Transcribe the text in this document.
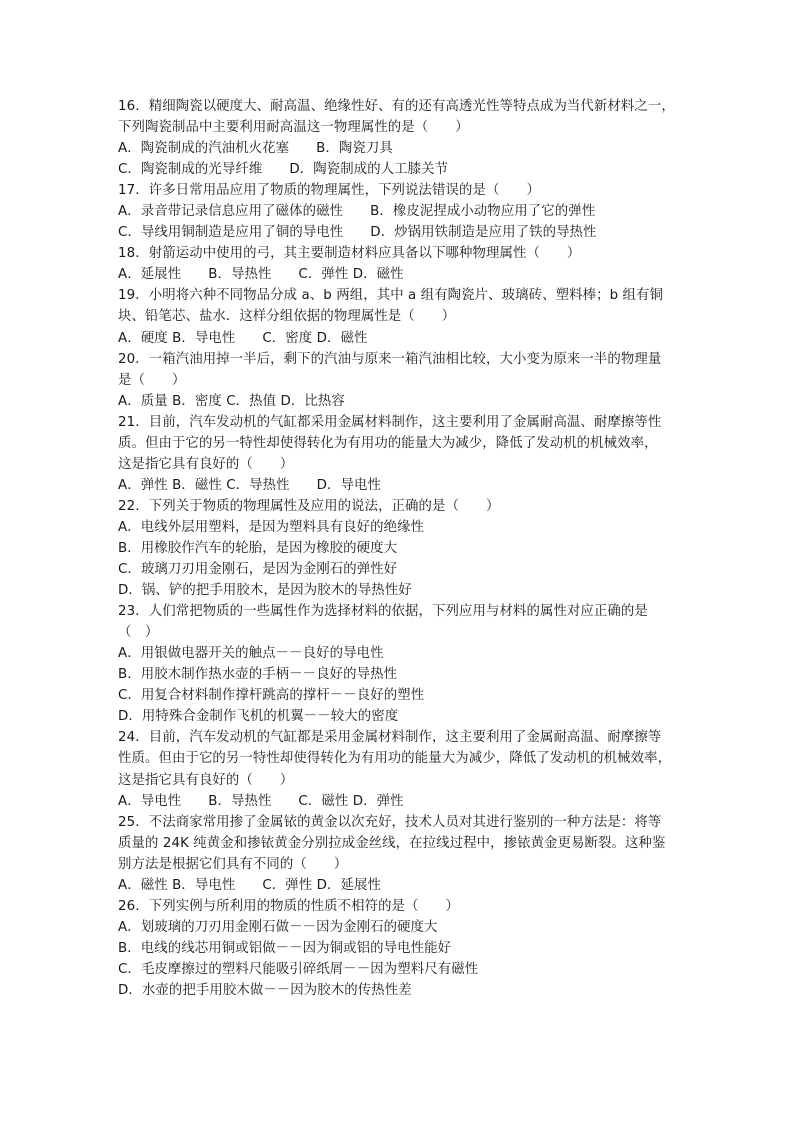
16．精细陶瓷以硬度大、耐高温、绝缘性好、有的还有高透光性等特点成为当代新材料之一，
下列陶瓷制品中主要利用耐高温这一物理属性的是（　　）
A．陶瓷制成的汽油机火花塞　　B．陶瓷刀具
C．陶瓷制成的光导纤维　　D．陶瓷制成的人工膝关节
17．许多日常用品应用了物质的物理属性，下列说法错误的是（　　）
A．录音带记录信息应用了磁体的磁性　　B．橡皮泥捏成小动物应用了它的弹性
C．导线用铜制造是应用了铜的导电性　　D．炒锅用铁制造是应用了铁的导热性
18．射箭运动中使用的弓，其主要制造材料应具备以下哪种物理属性（　　）
A．延展性　　B．导热性　　C．弹性 D．磁性
19．小明将六种不同物品分成 a、b 两组，其中 a 组有陶瓷片、玻璃砖、塑料棒；b 组有铜
块、铅笔芯、盐水．这样分组依据的物理属性是（　　）
A．硬度 B．导电性　　C．密度 D．磁性
20．一箱汽油用掉一半后，剩下的汽油与原来一箱汽油相比较，大小变为原来一半的物理量
是（　　）
A．质量 B．密度 C．热值 D．比热容
21．目前，汽车发动机的气缸都采用金属材料制作，这主要利用了金属耐高温、耐摩擦等性
质。但由于它的另一特性却使得转化为有用功的能量大为减少，降低了发动机的机械效率，
这是指它具有良好的（　　）
A．弹性 B．磁性 C．导热性　　D．导电性
22．下列关于物质的物理属性及应用的说法，正确的是（　　）
A．电线外层用塑料，是因为塑料具有良好的绝缘性
B．用橡胶作汽车的轮胎，是因为橡胶的硬度大
C．玻璃刀刃用金刚石，是因为金刚石的弹性好
D．锅、铲的把手用胶木，是因为胶木的导热性好
23．人们常把物质的一些属性作为选择材料的依据，下列应用与材料的属性对应正确的是
（　）
A．用银做电器开关的触点－－良好的导电性
B．用胶木制作热水壶的手柄－－良好的导热性
C．用复合材料制作撑杆跳高的撑杆－－良好的塑性
D．用特殊合金制作飞机的机翼－－较大的密度
24．目前，汽车发动机的气缸都是采用金属材料制作，这主要利用了金属耐高温、耐摩擦等
性质。但由于它的另一特性却使得转化为有用功的能量大为减少，降低了发动机的机械效率，
这是指它具有良好的（　　）
A．导电性　　B．导热性　　C．磁性 D．弹性
25．不法商家常用掺了金属铱的黄金以次充好，技术人员对其进行鉴别的一种方法是：将等
质量的 24K 纯黄金和掺铱黄金分别拉成金丝线，在拉线过程中，掺铱黄金更易断裂。这种鉴
别方法是根据它们具有不同的（　　）
A．磁性 B．导电性　　C．弹性 D．延展性
26．下列实例与所利用的物质的性质不相符的是（　　）
A．划玻璃的刀刃用金刚石做－－因为金刚石的硬度大
B．电线的线芯用铜或铝做－－因为铜或铝的导电性能好
C．毛皮摩擦过的塑料尺能吸引碎纸屑－－因为塑料尺有磁性
D．水壶的把手用胶木做－－因为胶木的传热性差
